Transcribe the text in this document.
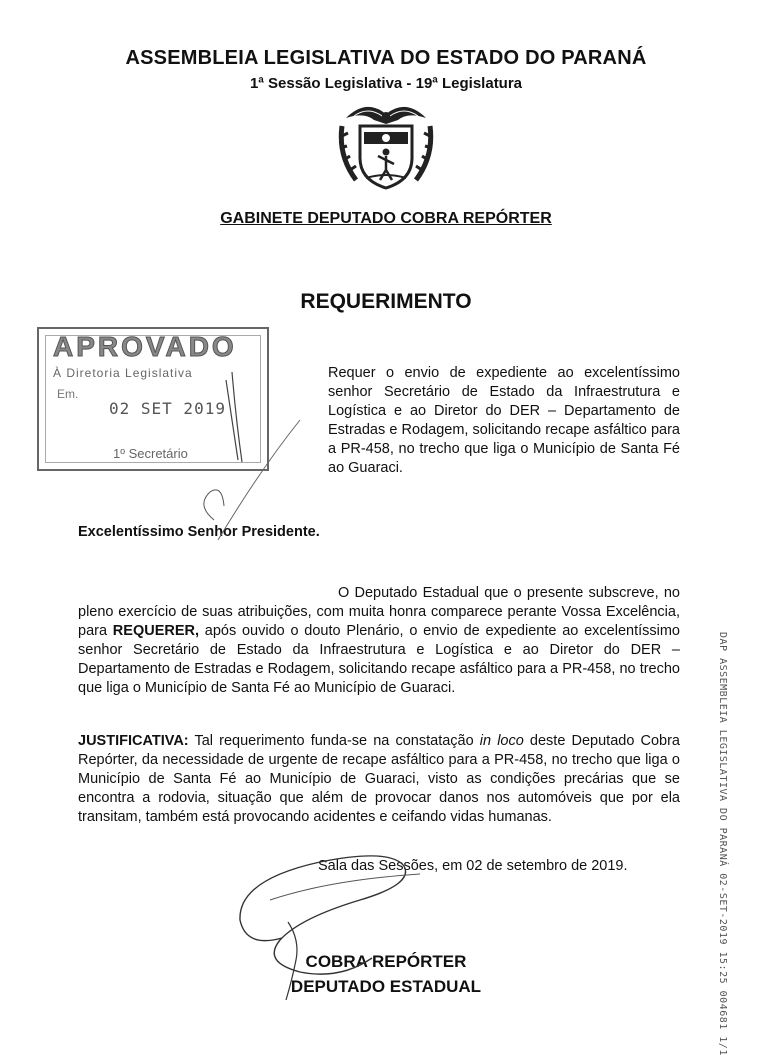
ASSEMBLEIA LEGISLATIVA DO ESTADO DO PARANÁ
1ª Sessão Legislativa - 19ª Legislatura
GABINETE DEPUTADO COBRA REPÓRTER
REQUERIMENTO
APROVADO
À Diretoria Legislativa
Em.
02 SET 2019
1º Secretário
Requer o envio de expediente ao excelentíssimo senhor Secretário de Estado da Infraestrutura e Logística e ao Diretor do DER – Departamento de Estradas e Rodagem, solicitando recape asfáltico para a PR-458, no trecho que liga o Município de Santa Fé ao Guaraci.
Excelentíssimo Senhor Presidente.
O Deputado Estadual que o presente subscreve, no pleno exercício de suas atribuições, com muita honra comparece perante Vossa Excelência, para REQUERER, após ouvido o douto Plenário, o envio de expediente ao excelentíssimo senhor Secretário de Estado da Infraestrutura e Logística e ao Diretor do DER – Departamento de Estradas e Rodagem, solicitando recape asfáltico para a PR-458, no trecho que liga o Município de Santa Fé ao Município de Guaraci.
JUSTIFICATIVA: Tal requerimento funda-se na constatação in loco deste Deputado Cobra Repórter, da necessidade de urgente de recape asfáltico para a PR-458, no trecho que liga o Município de Santa Fé ao Município de Guaraci, visto as condições precárias que se encontra a rodovia, situação que além de provocar danos nos automóveis que por ela transitam, também está provocando acidentes e ceifando vidas humanas.
Sala das Sessões, em 02 de setembro de 2019.
COBRA REPÓRTER
DEPUTADO ESTADUAL	DAP ASSEMBLEIA LEGISLATIVA DO PARANÁ 02-SET-2019 15:25 004681 1/1
